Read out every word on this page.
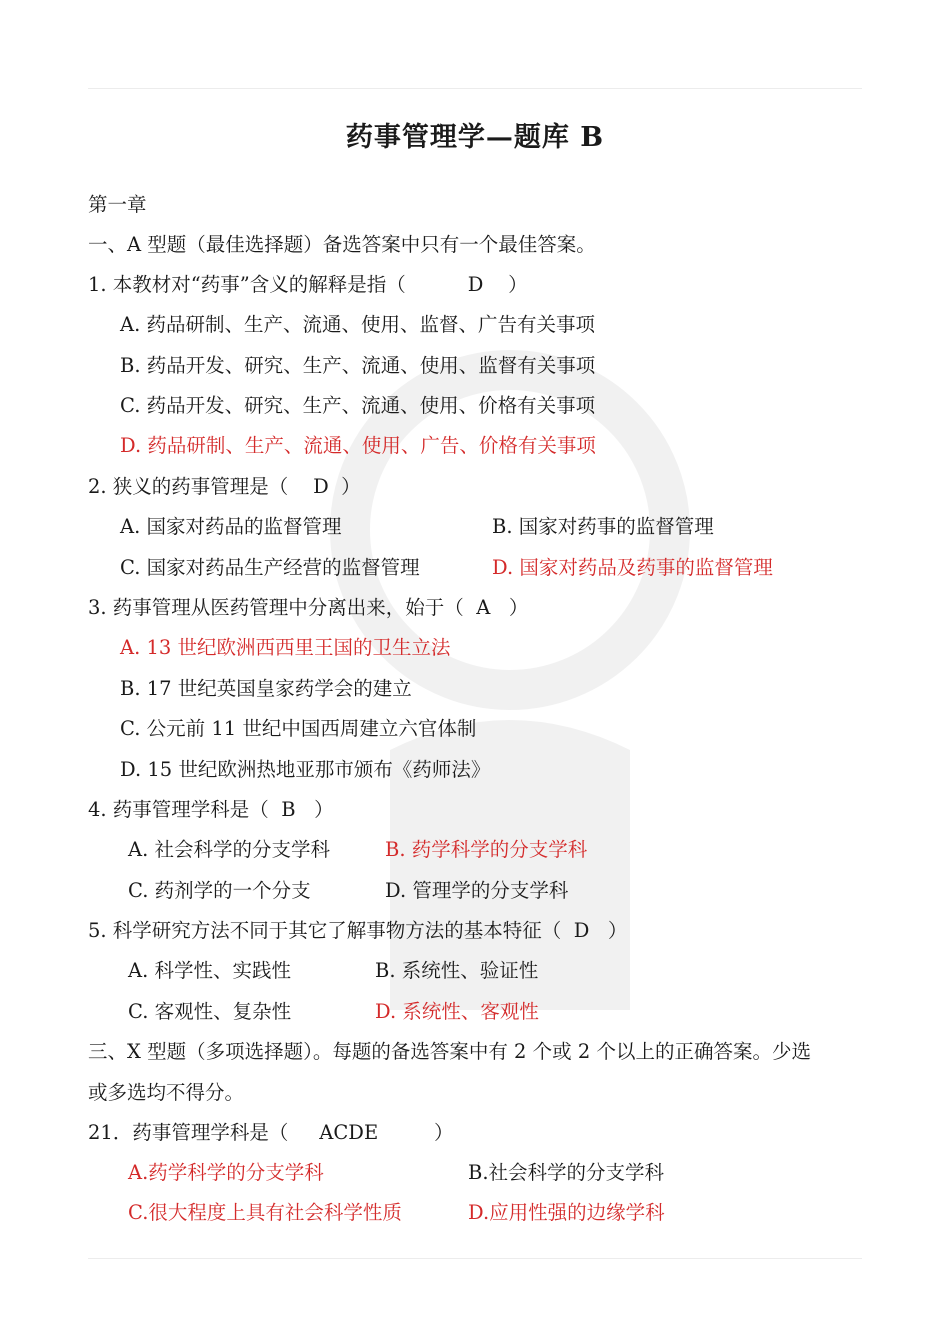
药事管理学—题库 B
第一章
一、A 型题（最佳选择题）备选答案中只有一个最佳答案。
1. 本教材对“药事”含义的解释是指（          D    ）
A. 药品研制、生产、流通、使用、监督、广告有关事项
B. 药品开发、研究、生产、流通、使用、监督有关事项
C. 药品开发、研究、生产、流通、使用、价格有关事项
D. 药品研制、生产、流通、使用、广告、价格有关事项
2. 狭义的药事管理是（    D  ）
A. 国家对药品的监督管理	B. 国家对药事的监督管理
C. 国家对药品生产经营的监督管理	D. 国家对药品及药事的监督管理
3. 药事管理从医药管理中分离出来，始于（  A   ）
A. 13 世纪欧洲西西里王国的卫生立法
B. 17 世纪英国皇家药学会的建立
C. 公元前 11 世纪中国西周建立六官体制
D. 15 世纪欧洲热地亚那市颁布《药师法》
4. 药事管理学科是（  B   ）
A. 社会科学的分支学科	B. 药学科学的分支学科
C. 药剂学的一个分支	D. 管理学的分支学科
5. 科学研究方法不同于其它了解事物方法的基本特征（  D   ）
A. 科学性、实践性	B. 系统性、验证性
C. 客观性、复杂性	D. 系统性、客观性
三、X 型题（多项选择题）。每题的备选答案中有 2 个或 2 个以上的正确答案。少选
或多选均不得分。
21．药事管理学科是（     ACDE         ）
A.药学科学的分支学科	B.社会科学的分支学科
C.很大程度上具有社会科学性质	D.应用性强的边缘学科
